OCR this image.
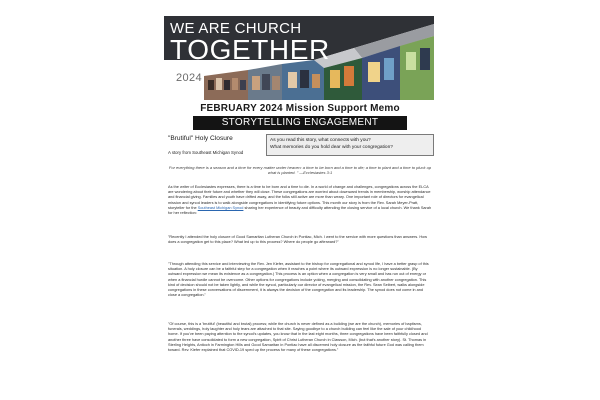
WE ARE CHURCH
TOGETHER
2024
FEBRUARY 2024 Mission Support Memo
STORYTELLING ENGAGEMENT
"Brutiful" Holy Closure
A story from Southeast Michigan Synod
As you read this story, what connects with you?
What memories do you hold dear with your congregation?
For everything there is a season and a time for every matter under heaven: a time to be born and a time to die; a time to plant and a time to pluck up what is planted. " —Ecclesiastes 3:1
As the writer of Ecclesiastes expresses, there is a time to be born and a time to die. In a world of change and challenges, congregations across the ELCA are wondering about their future and whether they will close. These congregations are worried about downward trends in membership, worship attendance and financial giving. Families and youth have drifted away, and the folks still active are more than weary. One important role of directors for evangelical mission and synod leaders is to walk alongside congregations in identifying future options. This month our story is from the Rev. Sarah Meyer-Pratt, storyteller for the Southeast Michigan Synod sharing her experience of beauty and difficulty attending the closing service of a local church. We thank Sarah for her reflection:
"Recently I attended the holy closure of Good Samaritan Lutheran Church in Pontiac, Mich. I went to the service with more questions than answers. How does a congregation get to this place? What led up to this process? Where do people go afterward?"
"Through attending this service and interviewing the Rev. Jen Kiefer, assistant to the bishop for congregational and synod life, I have a better grasp of this situation. A holy closure can be a faithful step for a congregation when it reaches a point where its outward expression is no longer sustainable. (By outward expression we mean its existence as a congregation.) This process is an option when a congregation is very small and has run out of energy or when a financial hurdle cannot be overcome. Other options for congregations include yoking, merging and consolidating with another congregation. This kind of decision should not be taken lightly, and while the synod, particularly our director of evangelical mission, the Rev. Sean Seibert, walks alongside congregations in these conversations of discernment, it is always the decision of the congregation and its leadership. The synod does not come in and close a congregation."
"Of course, this is a 'brutiful' (beautiful and brutal) process; while the church is never defined as a building (we are the church), memories of baptisms, funerals, weddings, holy laughter and holy tears are attached to that site. Saying goodbye to a church building can feel like the sale of your childhood home. If you've been paying attention to the synod's updates, you know that in the last eight months, three congregations have been faithfully closed and another three have consolidated to form a new congregation, Spirit of Christ Lutheran Church in Clawson, Mich. (but that's another story). St. Thomas in Sterling Heights, Antioch in Farmington Hills and Good Samaritan in Pontiac have all discerned holy closure as the faithful future God was calling them toward. Rev. Kiefer explained that COVID-19 sped up the process for many of these congregations."
